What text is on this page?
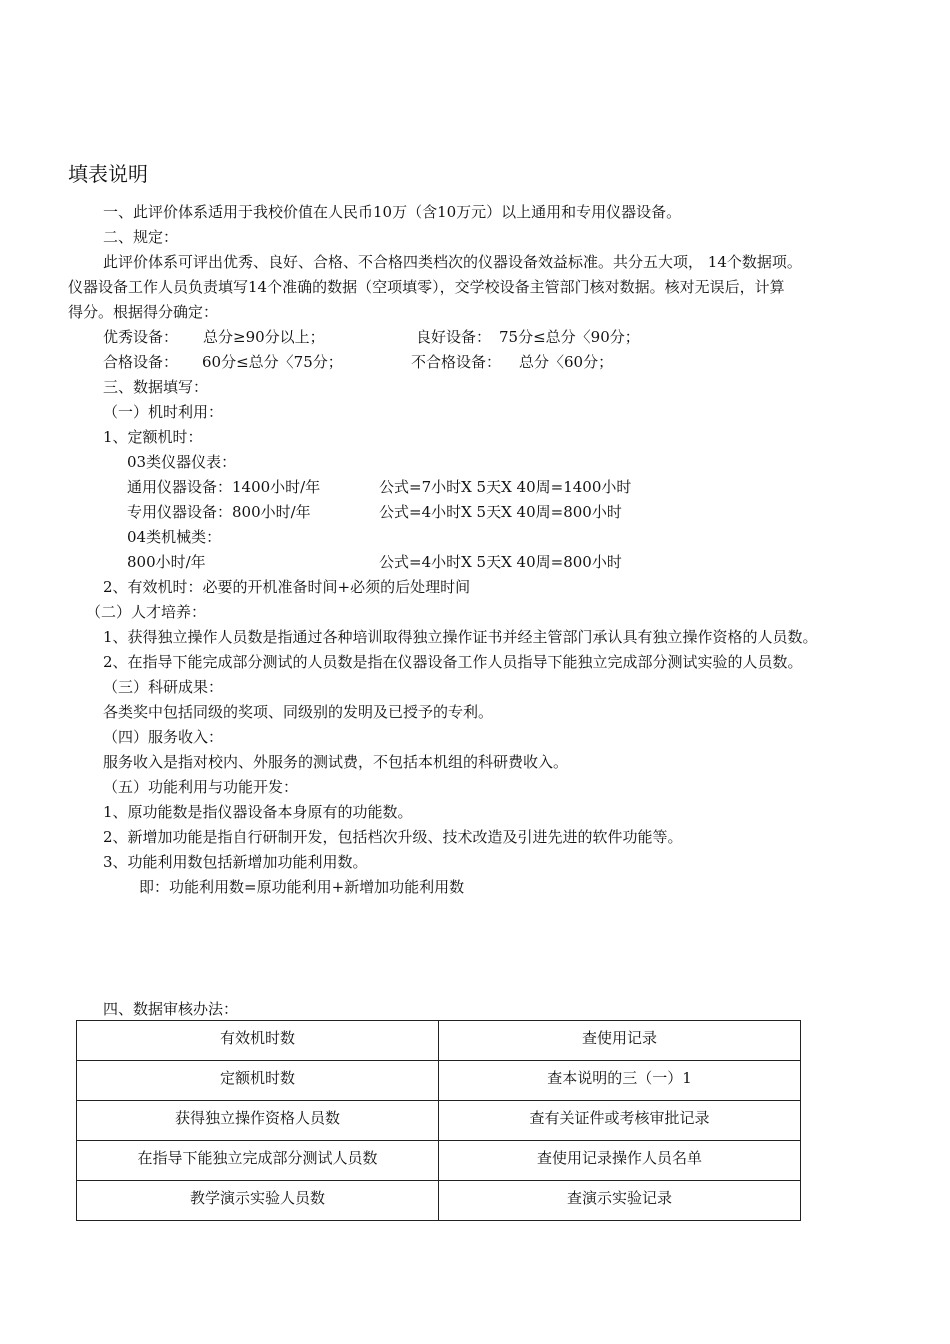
填表说明
一、此评价体系适用于我校价值在人民币10万（含10万元）以上通用和专用仪器设备。
二、规定：
此评价体系可评出优秀、良好、合格、不合格四类档次的仪器设备效益标准。共分五大项， 14个数据项。
仪器设备工作人员负责填写14个准确的数据（空项填零），交学校设备主管部门核对数据。核对无误后，计算
得分。根据得分确定：
优秀设备： 总分≥90分以上；	良好设备： 75分≤总分〈90分；
合格设备： 60分≤总分〈75分；	不合格设备： 总分〈60分；
三、数据填写：
（一）机时利用：
1、定额机时：
03类仪器仪表：
通用仪器设备：1400小时/年	公式=7小时X 5天X 40周=1400小时
专用仪器设备：800小时/年	公式=4小时X 5天X 40周=800小时
04类机械类：
800小时/年	公式=4小时X 5天X 40周=800小时
2、有效机时：必要的开机准备时间+必须的后处理时间
（二）人才培养：
1、获得独立操作人员数是指通过各种培训取得独立操作证书并经主管部门承认具有独立操作资格的人员数。
2、在指导下能完成部分测试的人员数是指在仪器设备工作人员指导下能独立完成部分测试实验的人员数。
（三）科研成果：
各类奖中包括同级的奖项、同级别的发明及已授予的专利。
（四）服务收入：
服务收入是指对校内、外服务的测试费，不包括本机组的科研费收入。
（五）功能利用与功能开发：
1、原功能数是指仪器设备本身原有的功能数。
2、新增加功能是指自行研制开发，包括档次升级、技术改造及引进先进的软件功能等。
3、功能利用数包括新增加功能利用数。
即：功能利用数=原功能利用+新增加功能利用数
四、数据审核办法：
有效机时数	查使用记录
定额机时数	查本说明的三（一）1
获得独立操作资格人员数	查有关证件或考核审批记录
在指导下能独立完成部分测试人员数	查使用记录操作人员名单
教学演示实验人员数	查演示实验记录
